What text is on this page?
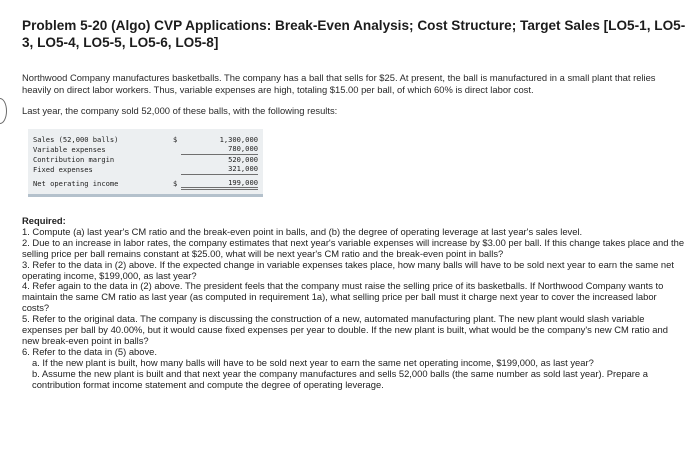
Problem 5-20 (Algo) CVP Applications: Break-Even Analysis; Cost Structure; Target Sales [LO5-1, LO5-3, LO5-4, LO5-5, LO5-6, LO5-8]

Northwood Company manufactures basketballs. The company has a ball that sells for $25. At present, the ball is manufactured in a small plant that relies heavily on direct labor workers. Thus, variable expenses are high, totaling $15.00 per ball, of which 60% is direct labor cost.

Last year, the company sold 52,000 of these balls, with the following results:

Sales (52,000 balls)	$	1,300,000
Variable expenses		780,000
Contribution margin		520,000
Fixed expenses		321,000
Net operating income	$	199,000

Required:

1. Compute (a) last year's CM ratio and the break-even point in balls, and (b) the degree of operating leverage at last year's sales level.

2. Due to an increase in labor rates, the company estimates that next year's variable expenses will increase by $3.00 per ball. If this change takes place and the selling price per ball remains constant at $25.00, what will be next year's CM ratio and the break-even point in balls?

3. Refer to the data in (2) above. If the expected change in variable expenses takes place, how many balls will have to be sold next year to earn the same net operating income, $199,000, as last year?

4. Refer again to the data in (2) above. The president feels that the company must raise the selling price of its basketballs. If Northwood Company wants to maintain the same CM ratio as last year (as computed in requirement 1a), what selling price per ball must it charge next year to cover the increased labor costs?

5. Refer to the original data. The company is discussing the construction of a new, automated manufacturing plant. The new plant would slash variable expenses per ball by 40.00%, but it would cause fixed expenses per year to double. If the new plant is built, what would be the company's new CM ratio and new break-even point in balls?

6. Refer to the data in (5) above.

a. If the new plant is built, how many balls will have to be sold next year to earn the same net operating income, $199,000, as last year?

b. Assume the new plant is built and that next year the company manufactures and sells 52,000 balls (the same number as sold last year). Prepare a contribution format income statement and compute the degree of operating leverage.
